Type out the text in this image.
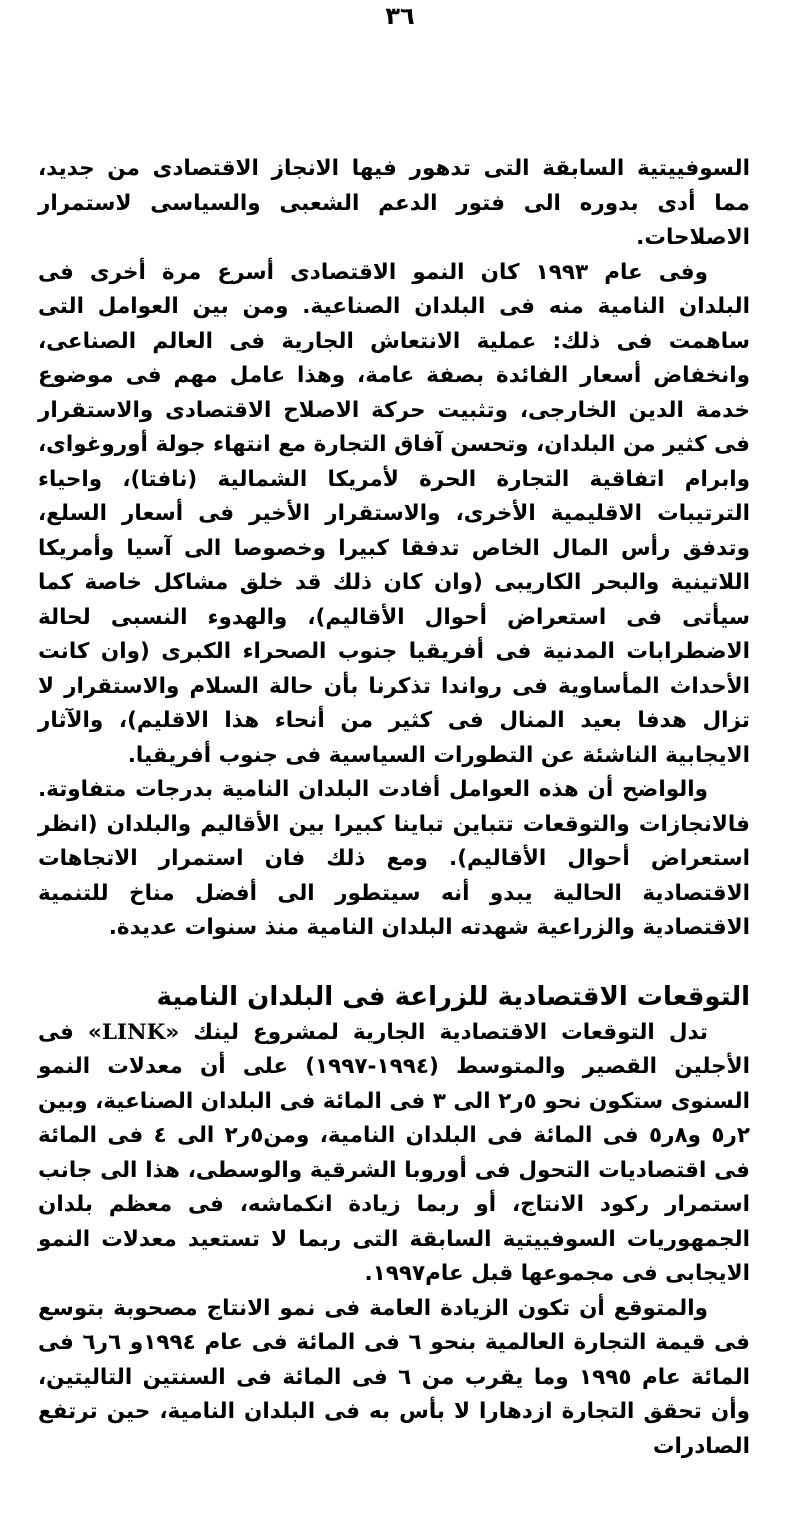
٣٦

السوفييتية السابقة التى تدهور فيها الانجاز الاقتصادى من جديد، مما أدى بدوره الى فتور الدعم الشعبى والسياسى لاستمرار الاصلاحات.

وفى عام ١٩٩٣ كان النمو الاقتصادى أسرع مرة أخرى فى البلدان النامية منه فى البلدان الصناعية. ومن بين العوامل التى ساهمت فى ذلك: عملية الانتعاش الجارية فى العالم الصناعى، وانخفاض أسعار الفائدة بصفة عامة، وهذا عامل مهم فى موضوع خدمة الدين الخارجى، وتثبيت حركة الاصلاح الاقتصادى والاستقرار فى كثير من البلدان، وتحسن آفاق التجارة مع انتهاء جولة أوروغواى، وابرام اتفاقية التجارة الحرة لأمريكا الشمالية (نافتا)، واحياء الترتيبات الاقليمية الأخرى، والاستقرار الأخير فى أسعار السلع، وتدفق رأس المال الخاص تدفقا كبيرا وخصوصا الى آسيا وأمريكا اللاتينية والبحر الكاريبى (وان كان ذلك قد خلق مشاكل خاصة كما سيأتى فى استعراض أحوال الأقاليم)، والهدوء النسبى لحالة الاضطرابات المدنية فى أفريقيا جنوب الصحراء الكبرى (وان كانت الأحداث المأساوية فى رواندا تذكرنا بأن حالة السلام والاستقرار لا تزال هدفا بعيد المنال فى كثير من أنحاء هذا الاقليم)، والآثار الايجابية الناشئة عن التطورات السياسية فى جنوب أفريقيا.

والواضح أن هذه العوامل أفادت البلدان النامية بدرجات متفاوتة. فالانجازات والتوقعات تتباين تباينا كبيرا بين الأقاليم والبلدان (انظر استعراض أحوال الأقاليم). ومع ذلك فان استمرار الاتجاهات الاقتصادية الحالية يبدو أنه سيتطور الى أفضل مناخ للتنمية الاقتصادية والزراعية شهدته البلدان النامية منذ سنوات عديدة.

التوقعات الاقتصادية للزراعة فى البلدان النامية

تدل التوقعات الاقتصادية الجارية لمشروع لينك «LINK» فى الأجلين القصير والمتوسط (١٩٩٤-١٩٩٧) على أن معدلات النمو السنوى ستكون نحو ٥ر٢ الى ٣ فى المائة فى البلدان الصناعية، وبين ٢ر٥ و٨ر٥ فى المائة فى البلدان النامية، ومن٥ر٢ الى ٤ فى المائة فى اقتصاديات التحول فى أوروبا الشرقية والوسطى، هذا الى جانب استمرار ركود الانتاج، أو ربما زيادة انكماشه، فى معظم بلدان الجمهوريات السوفييتية السابقة التى ربما لا تستعيد معدلات النمو الايجابى فى مجموعها قبل عام١٩٩٧.

والمتوقع أن تكون الزيادة العامة فى نمو الانتاج مصحوبة بتوسع فى قيمة التجارة العالمية بنحو ٦ فى المائة فى عام ١٩٩٤و ٦ر٦ فى المائة عام ١٩٩٥ وما يقرب من ٦ فى المائة فى السنتين التاليتين، وأن تحقق التجارة ازدهارا لا بأس به فى البلدان النامية، حين ترتفع الصادرات
